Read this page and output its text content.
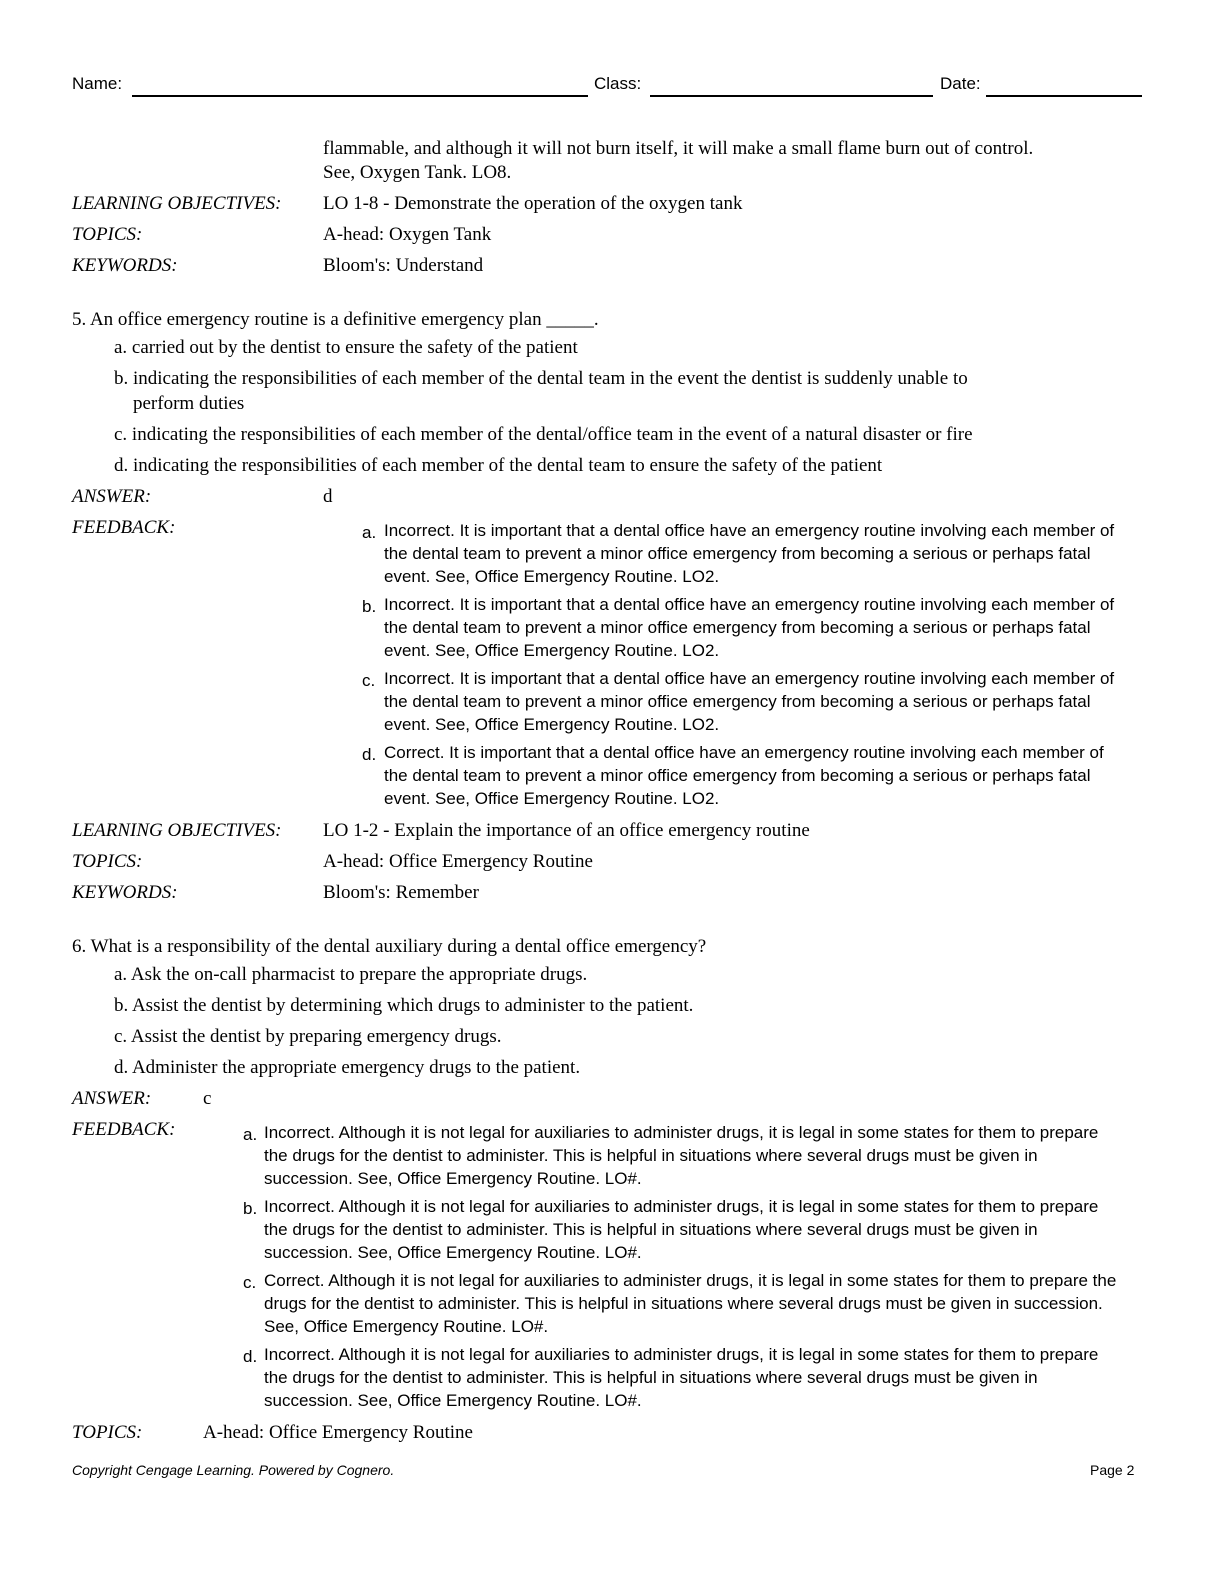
Name:	Class:	Date:
flammable, and although it will not burn itself, it will make a small flame burn out of control.
See, Oxygen Tank. LO8.
LEARNING OBJECTIVES: LO 1-8 - Demonstrate the operation of the oxygen tank
TOPICS:	A-head: Oxygen Tank
KEYWORDS:	Bloom's: Understand
5. An office emergency routine is a definitive emergency plan _____.
a. carried out by the dentist to ensure the safety of the patient
b. indicating the responsibilities of each member of the dental team in the event the dentist is suddenly unable to
perform duties
c. indicating the responsibilities of each member of the dental/office team in the event of a natural disaster or fire
d. indicating the responsibilities of each member of the dental team to ensure the safety of the patient
ANSWER:	d
FEEDBACK:	a. Incorrect. It is important that a dental office have an emergency routine involving each member of the dental team to prevent a minor office emergency from becoming a serious or perhaps fatal event. See, Office Emergency Routine. LO2.
b. Incorrect. It is important that a dental office have an emergency routine involving each member of the dental team to prevent a minor office emergency from becoming a serious or perhaps fatal event. See, Office Emergency Routine. LO2.
c. Incorrect. It is important that a dental office have an emergency routine involving each member of the dental team to prevent a minor office emergency from becoming a serious or perhaps fatal event. See, Office Emergency Routine. LO2.
d. Correct. It is important that a dental office have an emergency routine involving each member of the dental team to prevent a minor office emergency from becoming a serious or perhaps fatal event. See, Office Emergency Routine. LO2.
LEARNING OBJECTIVES: LO 1-2 - Explain the importance of an office emergency routine
TOPICS:	A-head: Office Emergency Routine
KEYWORDS:	Bloom's: Remember
6. What is a responsibility of the dental auxiliary during a dental office emergency?
a. Ask the on-call pharmacist to prepare the appropriate drugs.
b. Assist the dentist by determining which drugs to administer to the patient.
c. Assist the dentist by preparing emergency drugs.
d. Administer the appropriate emergency drugs to the patient.
ANSWER:	c
FEEDBACK:	a. Incorrect. Although it is not legal for auxiliaries to administer drugs, it is legal in some states for them to prepare the drugs for the dentist to administer. This is helpful in situations where several drugs must be given in succession. See, Office Emergency Routine. LO#.
b. Incorrect. Although it is not legal for auxiliaries to administer drugs, it is legal in some states for them to prepare the drugs for the dentist to administer. This is helpful in situations where several drugs must be given in succession. See, Office Emergency Routine. LO#.
c. Correct. Although it is not legal for auxiliaries to administer drugs, it is legal in some states for them to prepare the drugs for the dentist to administer. This is helpful in situations where several drugs must be given in succession. See, Office Emergency Routine. LO#.
d. Incorrect. Although it is not legal for auxiliaries to administer drugs, it is legal in some states for them to prepare the drugs for the dentist to administer. This is helpful in situations where several drugs must be given in succession. See, Office Emergency Routine. LO#.
TOPICS:	A-head: Office Emergency Routine
Copyright Cengage Learning. Powered by Cognero.	Page 2
